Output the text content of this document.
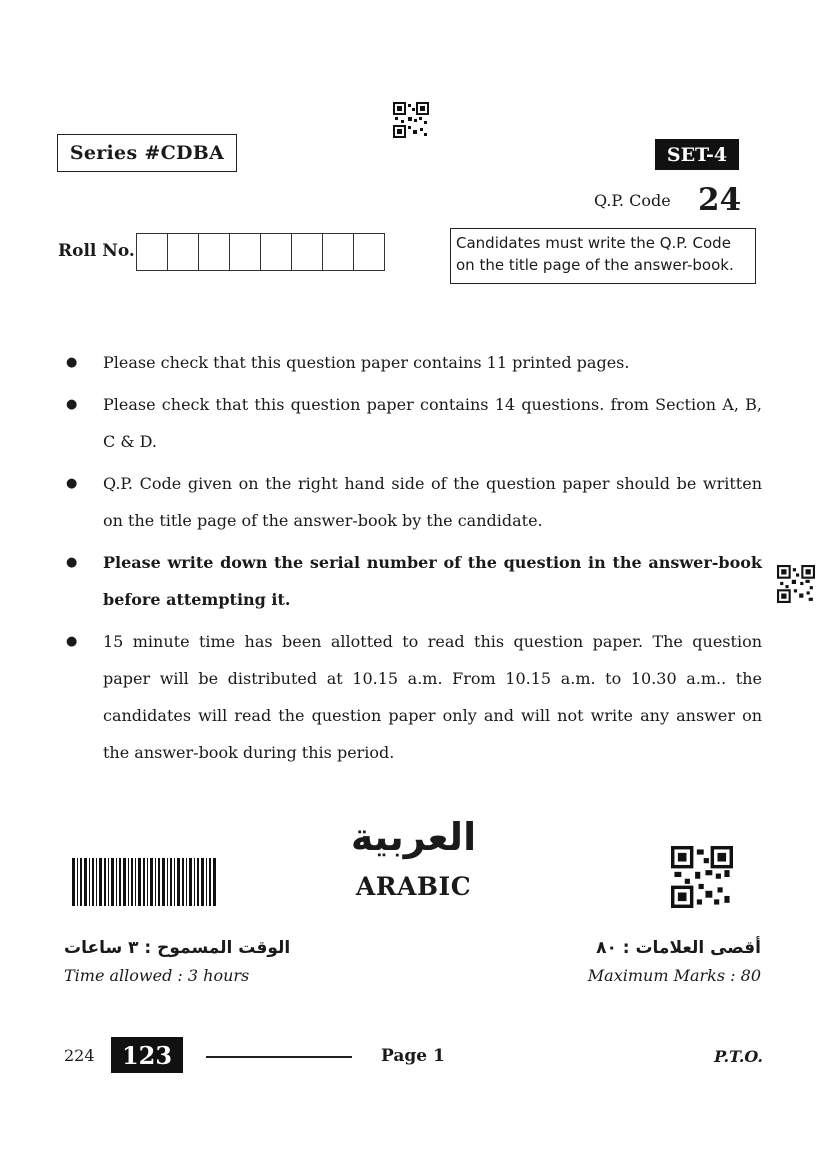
Series #CDBA	SET-4
Q.P. Code 24
Roll No.	Candidates must write the Q.P. Code on the title page of the answer-book.
● Please check that this question paper contains 11 printed pages.
● Please check that this question paper contains 14 questions. from Section A, B, C & D.
● Q.P. Code given on the right hand side of the question paper should be written on the title page of the answer-book by the candidate.
● Please write down the serial number of the question in the answer-book before attempting it.
● 15 minute time has been allotted to read this question paper. The question paper will be distributed at 10.15 a.m. From 10.15 a.m. to 10.30 a.m.. the candidates will read the question paper only and will not write any answer on the answer-book during this period.
العربية
ARABIC
الوقت المسموح : ٣ ساعات
Time allowed : 3 hours
أقصى العلامات : ٨٠
Maximum Marks : 80
224	123	Page 1	P.T.O.
